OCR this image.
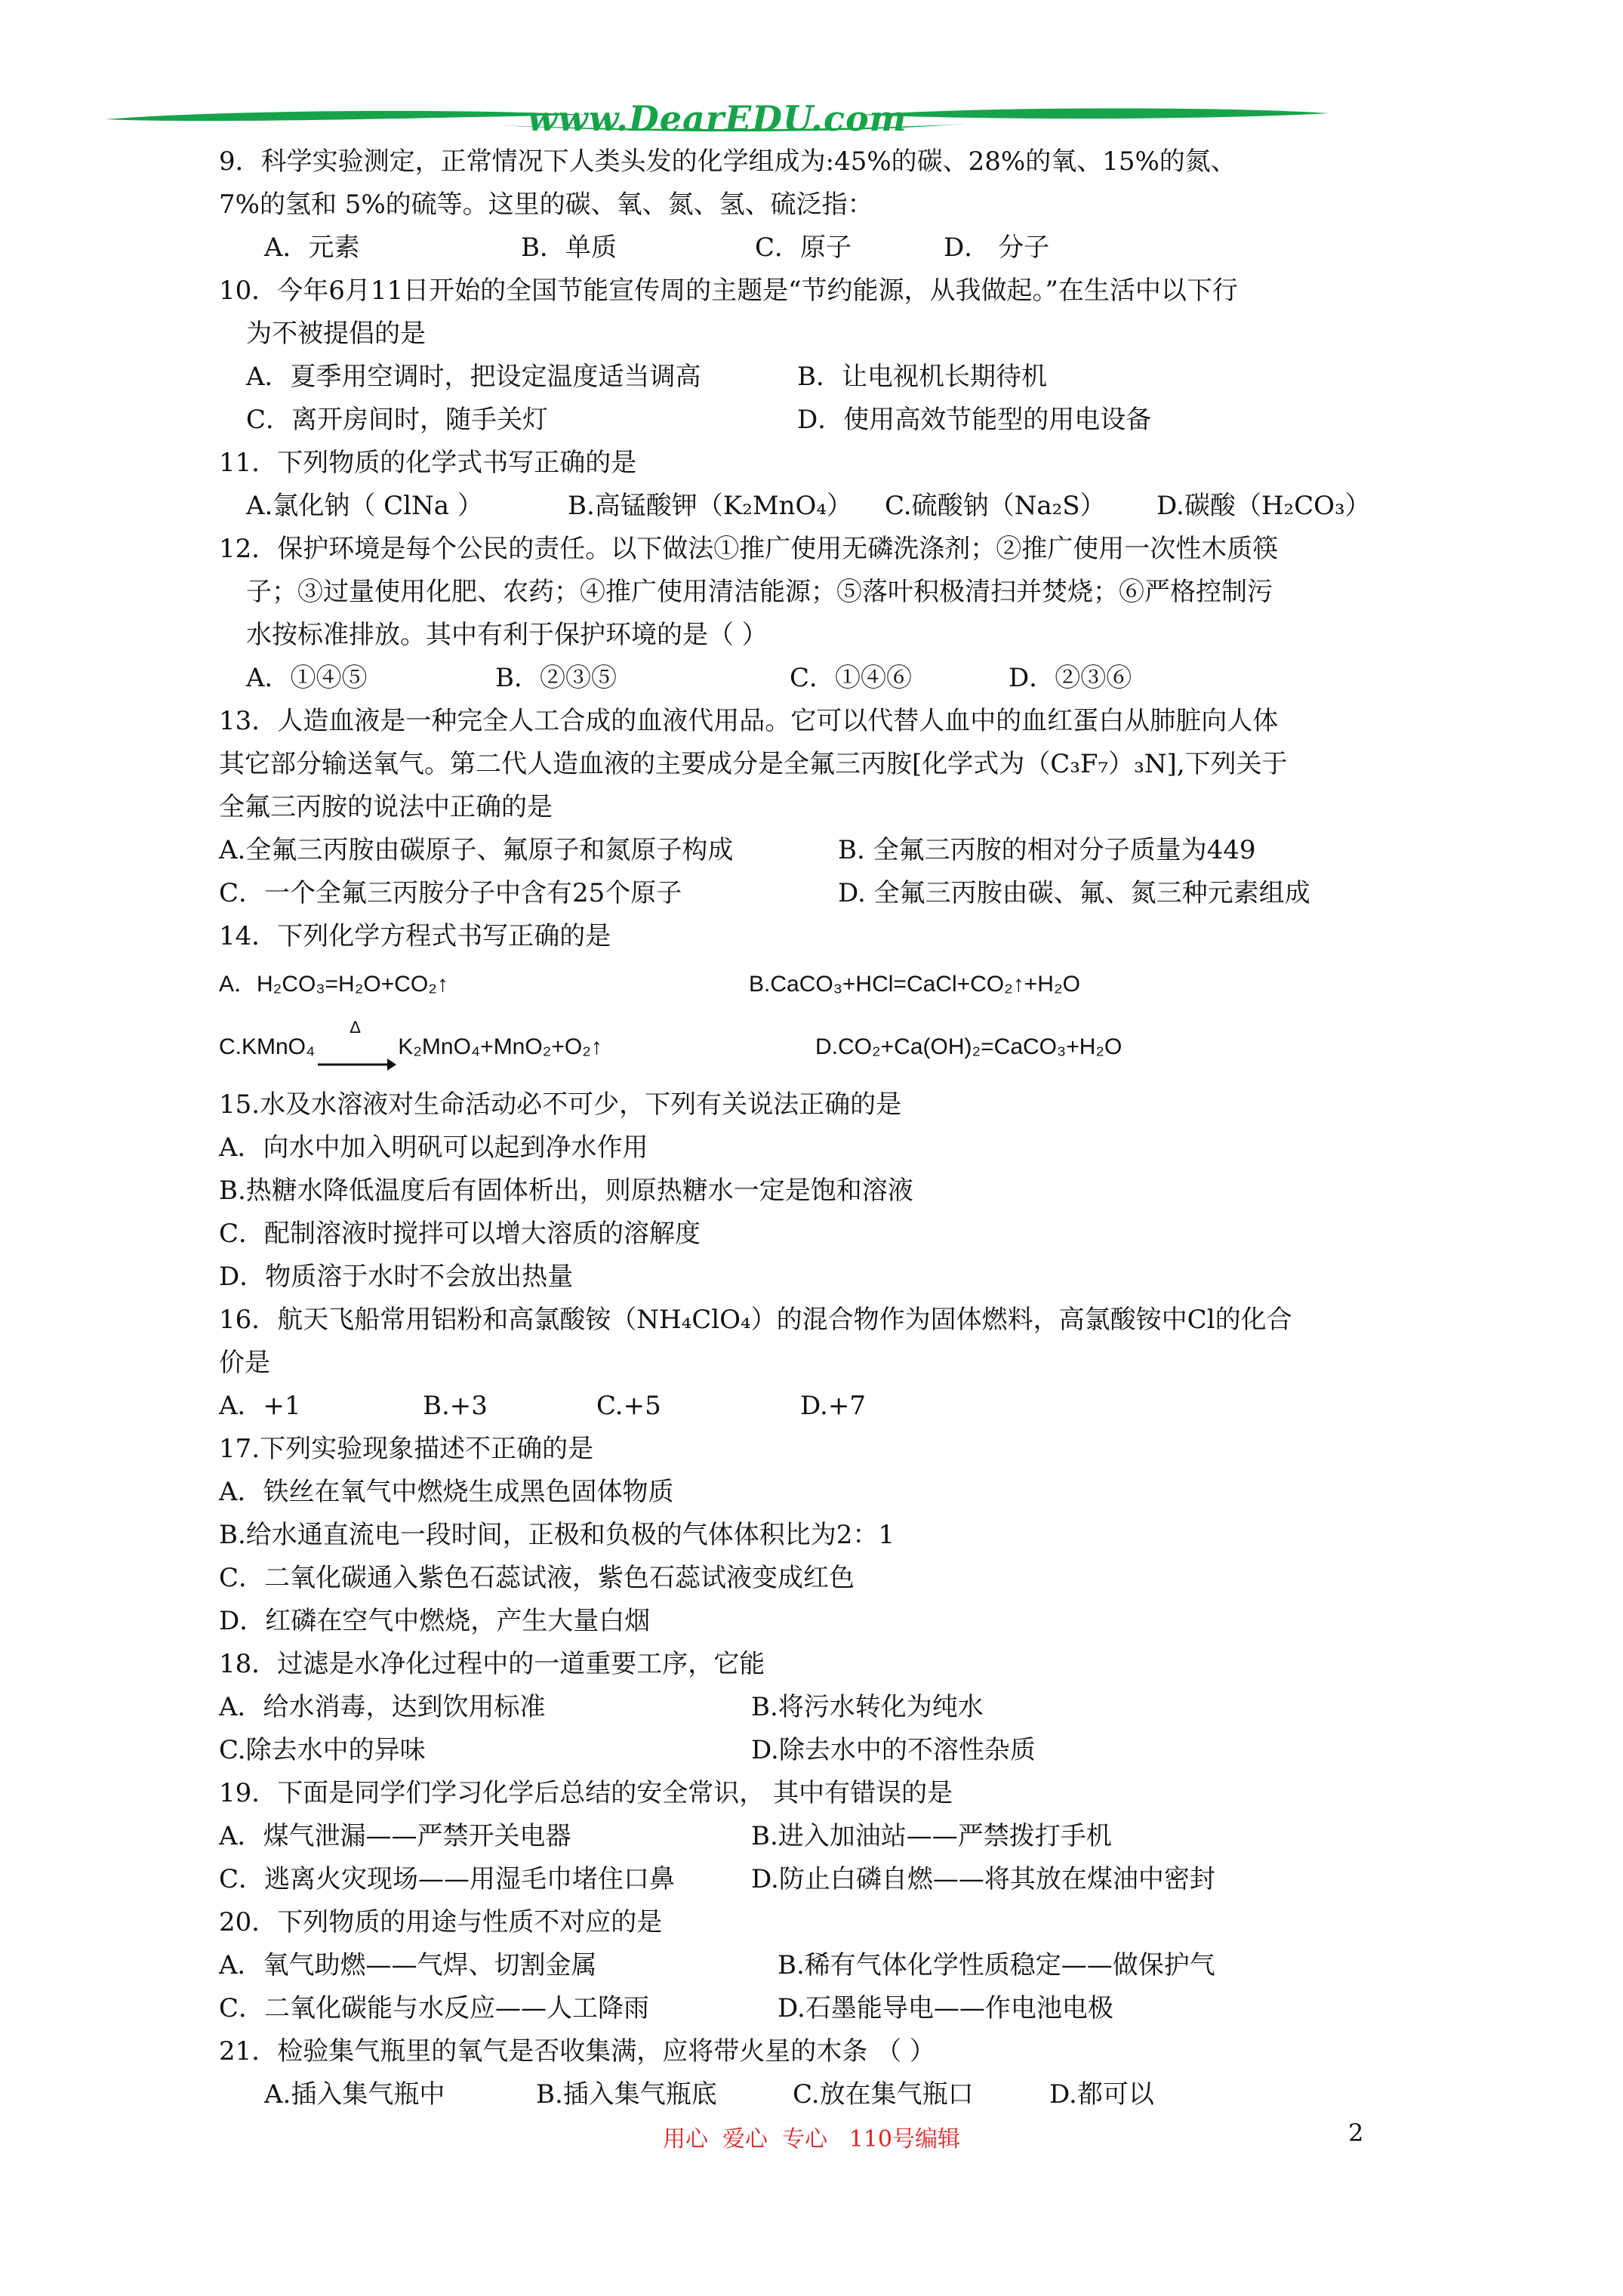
www.DearEDU.com
9．科学实验测定，正常情况下人类头发的化学组成为:45%的碳、28%的氧、15%的氮、
7%的氢和 5%的硫等。这里的碳、氧、氮、氢、硫泛指：
A．元素	B．单质	C．原子	D． 分子
10．今年6月11日开始的全国节能宣传周的主题是“节约能源，从我做起。”在生活中以下行
为不被提倡的是
A．夏季用空调时，把设定温度适当调高	B．让电视机长期待机
C．离开房间时，随手关灯	D．使用高效节能型的用电设备
11．下列物质的化学式书写正确的是
A.氯化钠（ ClNa ）	B.高锰酸钾（K₂MnO₄）	C.硫酸钠（Na₂S）	D.碳酸（H₂CO₃）
12．保护环境是每个公民的责任。以下做法①推广使用无磷洗涤剂；②推广使用一次性木质筷
子；③过量使用化肥、农药；④推广使用清洁能源；⑤落叶积极清扫并焚烧；⑥严格控制污
水按标准排放。其中有利于保护环境的是（ ）
A．①④⑤	B．②③⑤	C．①④⑥	D．②③⑥
13．人造血液是一种完全人工合成的血液代用品。它可以代替人血中的血红蛋白从肺脏向人体
其它部分输送氧气。第二代人造血液的主要成分是全氟三丙胺[化学式为（C₃F₇）₃N],下列关于
全氟三丙胺的说法中正确的是
A.全氟三丙胺由碳原子、氟原子和氮原子构成	B. 全氟三丙胺的相对分子质量为449
C．一个全氟三丙胺分子中含有25个原子	D. 全氟三丙胺由碳、氟、氮三种元素组成
14．下列化学方程式书写正确的是
A．H₂CO₃=H₂O+CO₂↑	B.CaCO₃+HCl=CaCl+CO₂↑+H₂O
C.KMnO₄
Δ
K₂MnO₄+MnO₂+O₂↑	D.CO₂+Ca(OH)₂=CaCO₃+H₂O
15.水及水溶液对生命活动必不可少，下列有关说法正确的是
A．向水中加入明矾可以起到净水作用
B.热糖水降低温度后有固体析出，则原热糖水一定是饱和溶液
C．配制溶液时搅拌可以增大溶质的溶解度
D．物质溶于水时不会放出热量
16．航天飞船常用铝粉和高氯酸铵（NH₄ClO₄）的混合物作为固体燃料，高氯酸铵中Cl的化合
价是
A．+1	B.+3	C.+5	D.+7
17.下列实验现象描述不正确的是
A．铁丝在氧气中燃烧生成黑色固体物质
B.给水通直流电一段时间，正极和负极的气体体积比为2：1
C．二氧化碳通入紫色石蕊试液，紫色石蕊试液变成红色
D．红磷在空气中燃烧，产生大量白烟
18．过滤是水净化过程中的一道重要工序，它能
A．给水消毒，达到饮用标准	B.将污水转化为纯水
C.除去水中的异味	D.除去水中的不溶性杂质
19．下面是同学们学习化学后总结的安全常识， 其中有错误的是
A．煤气泄漏——严禁开关电器	B.进入加油站——严禁拨打手机
C．逃离火灾现场——用湿毛巾堵住口鼻	D.防止白磷自燃——将其放在煤油中密封
20．下列物质的用途与性质不对应的是
A．氧气助燃——气焊、切割金属	B.稀有气体化学性质稳定——做保护气
C．二氧化碳能与水反应——人工降雨	D.石墨能导电——作电池电极
21．检验集气瓶里的氧气是否收集满，应将带火星的木条 （ ）
A.插入集气瓶中	B.插入集气瓶底	C.放在集气瓶口	D.都可以
用心  爱心  专心   110号编辑	2
